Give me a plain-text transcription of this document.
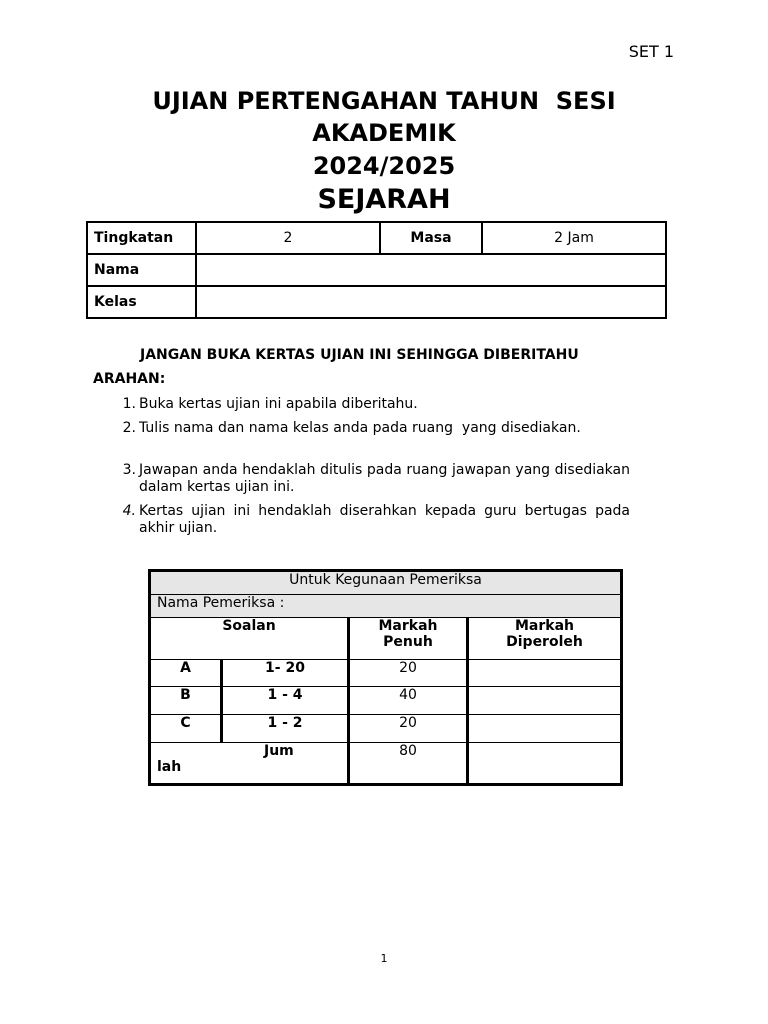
SET 1
UJIAN PERTENGAHAN TAHUN  SESI
AKADEMIK
2024/2025
SEJARAH
Tingkatan	2	Masa	2 Jam
Nama			
Kelas			
JANGAN BUKA KERTAS UJIAN INI SEHINGGA DIBERITAHU
ARAHAN:
1. Buka kertas ujian ini apabila diberitahu.
2. Tulis nama dan nama kelas anda pada ruang  yang disediakan.
3. Jawapan anda hendaklah ditulis pada ruang jawapan yang disediakan dalam kertas ujian ini.
4. Kertas ujian ini hendaklah diserahkan kepada guru bertugas pada akhir ujian.
Untuk Kegunaan Pemeriksa			
Nama Pemeriksa :			
Soalan		Markah Penuh	Markah Diperoleh
A	1- 20	20	
B	1 - 4	40	
C	1 - 2	20	

Jum
lah		80	
1
